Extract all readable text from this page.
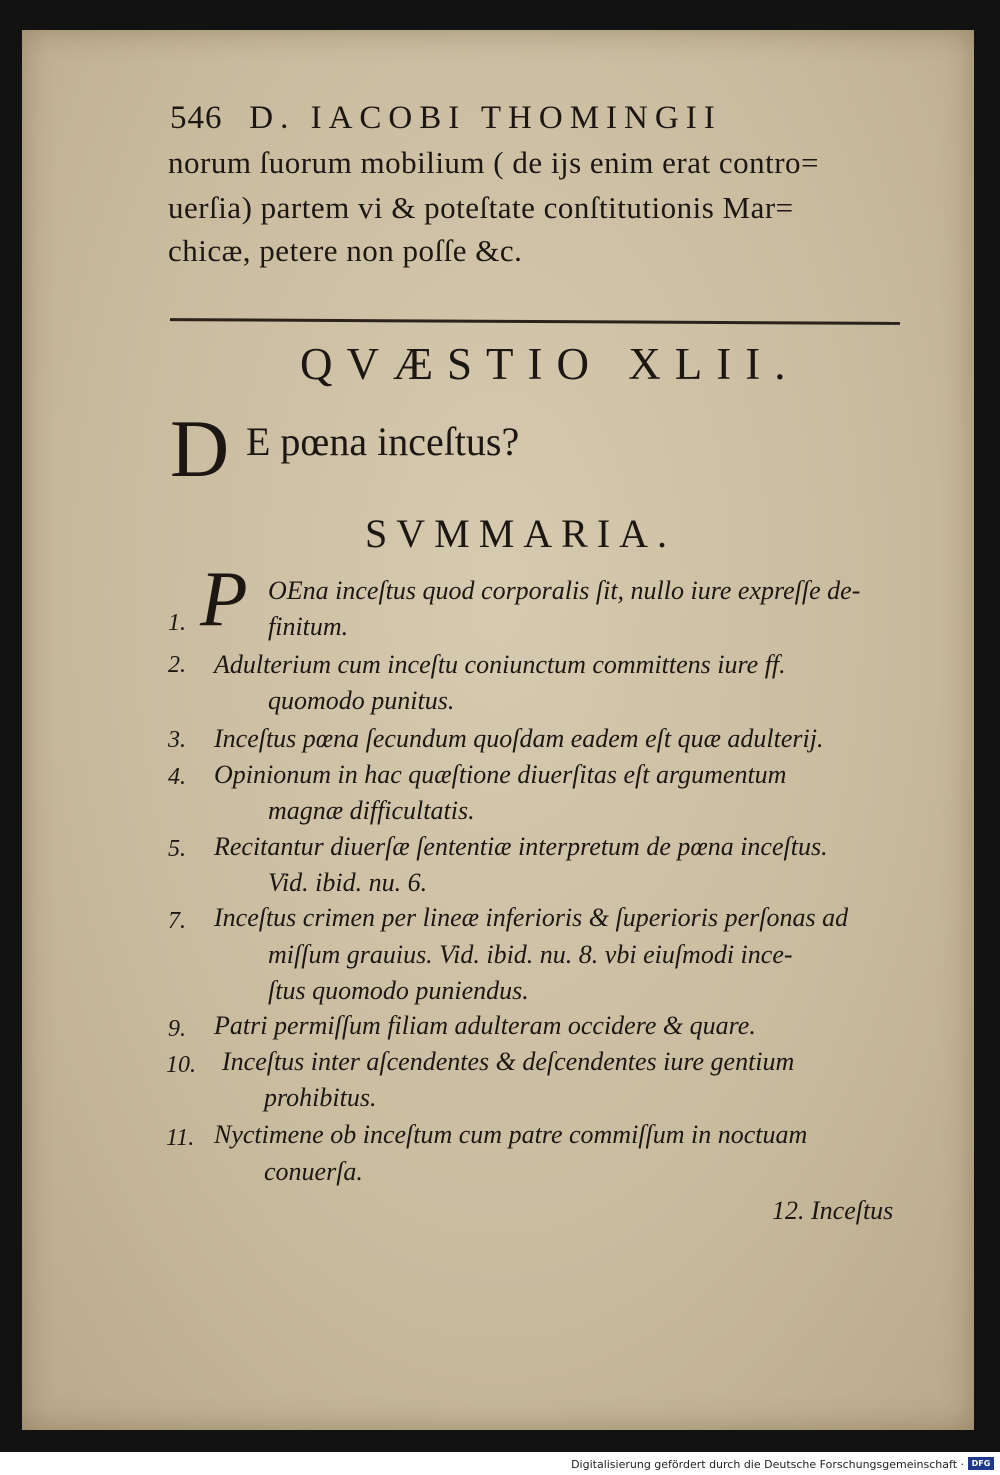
546 D. IACOBI THOMINGII
norum ſuorum mobilium ( de ijs enim erat contro=
uerſia) partem vi & poteſtate conſtitutionis Mar=
chicæ, petere non poſſe &c.
QVÆSTIO XLII.
D E pœna inceſtus?
SVMMARIA.
P
1.
OEna inceſtus quod corporalis ſit, nullo iure expreſſe de-
finitum.
2. Adulterium cum inceſtu coniunctum committens iure ff.
quomodo punitus.
3. Inceſtus pœna ſecundum quoſdam eadem eſt quæ adulterij.
4. Opinionum in hac quæſtione diuerſitas eſt argumentum
magnæ difficultatis.
5. Recitantur diuerſæ ſententiæ interpretum de pœna inceſtus.
Vid. ibid. nu. 6.
7. Inceſtus crimen per lineæ inferioris & ſuperioris perſonas ad
miſſum grauius. Vid. ibid. nu. 8. vbi eiuſmodi ince-
ſtus quomodo puniendus.
9. Patri permiſſum filiam adulteram occidere & quare.
10. Inceſtus inter aſcendentes & deſcendentes iure gentium
prohibitus.
11. Nyctimene ob inceſtum cum patre commiſſum in noctuam
conuerſa.
12. Inceſtus
Digitalisierung gefördert durch die Deutsche Forschungsgemeinschaft · DFG
